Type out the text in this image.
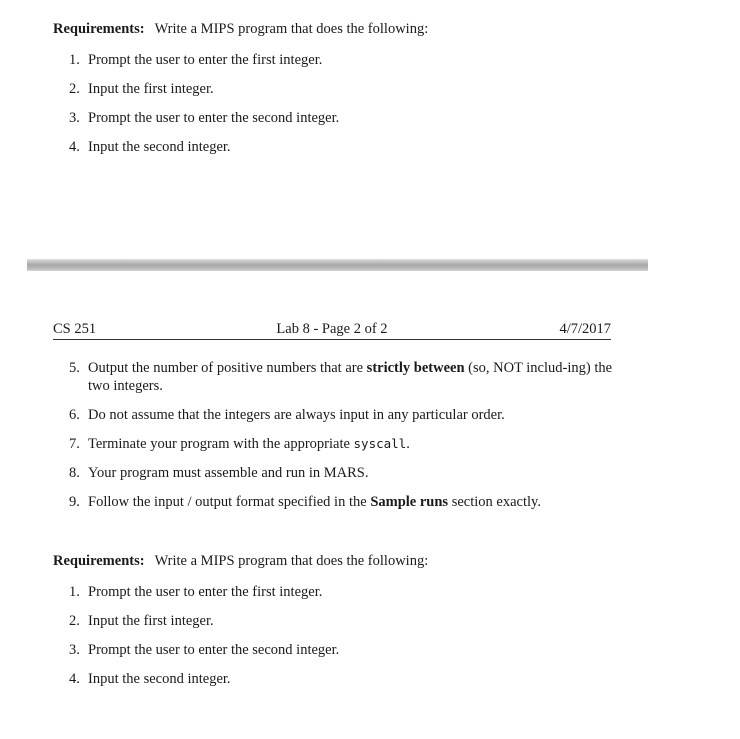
Requirements: Write a MIPS program that does the following:
1. Prompt the user to enter the first integer.
2. Input the first integer.
3. Prompt the user to enter the second integer.
4. Input the second integer.
CS 251	Lab 8 - Page 2 of 2	4/7/2017
5. Output the number of positive numbers that are strictly between (so, NOT includ-ing) the two integers.
6. Do not assume that the integers are always input in any particular order.
7. Terminate your program with the appropriate syscall.
8. Your program must assemble and run in MARS.
9. Follow the input / output format specified in the Sample runs section exactly.
Requirements: Write a MIPS program that does the following:
1. Prompt the user to enter the first integer.
2. Input the first integer.
3. Prompt the user to enter the second integer.
4. Input the second integer.
